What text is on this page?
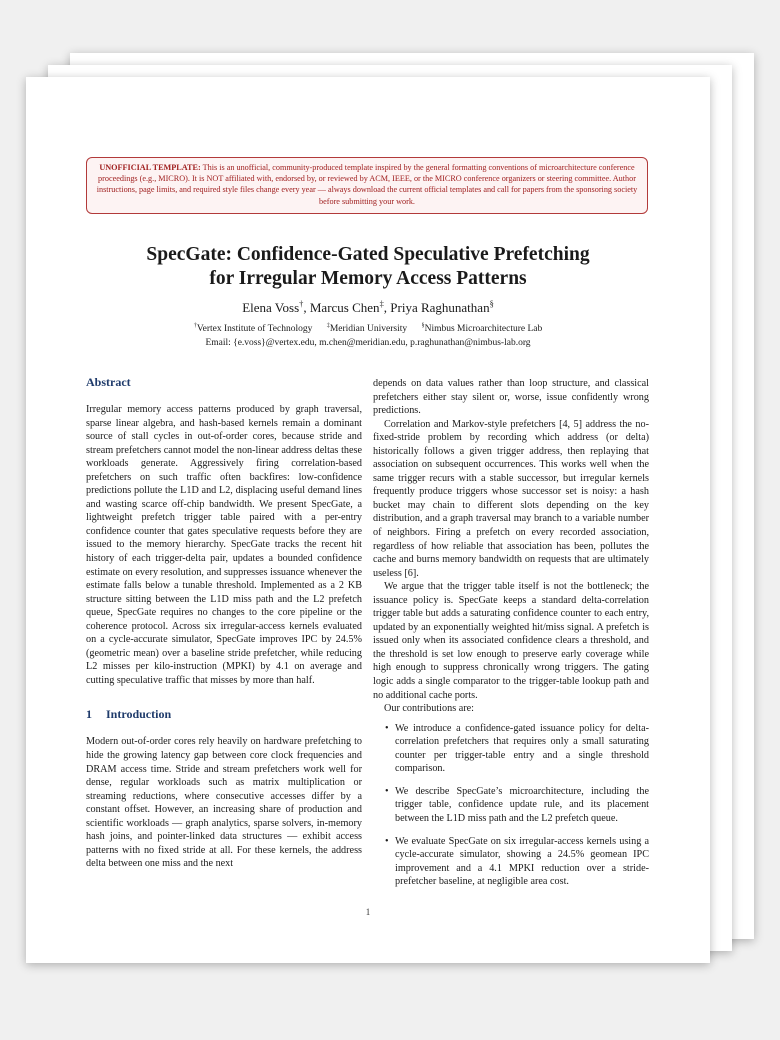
UNOFFICIAL TEMPLATE: This is an unofficial, community-produced template inspired by the general formatting conventions of microarchitecture conference proceedings (e.g., MICRO). It is NOT affiliated with, endorsed by, or reviewed by ACM, IEEE, or the MICRO conference organizers or steering committee. Author instructions, page limits, and required style files change every year — always download the current official templates and call for papers from the sponsoring society before submitting your work.
SpecGate: Confidence-Gated Speculative Prefetching
for Irregular Memory Access Patterns
Elena Voss†, Marcus Chen‡, Priya Raghunathan§
†Vertex Institute of Technology ‡Meridian University §Nimbus Microarchitecture Lab
Email: {e.voss}@vertex.edu, m.chen@meridian.edu, p.raghunathan@nimbus-lab.org
Abstract

Irregular memory access patterns produced by graph traversal, sparse linear algebra, and hash-based kernels remain a dominant source of stall cycles in out-of-order cores, because stride and stream prefetchers cannot model the non-linear address deltas these workloads generate. Aggressively firing correlation-based prefetchers on such traffic often backfires: low-confidence predictions pollute the L1D and L2, displacing useful demand lines and wasting scarce off-chip bandwidth. We present SpecGate, a lightweight prefetch trigger table paired with a per-entry confidence counter that gates speculative requests before they are issued to the memory hierarchy. SpecGate tracks the recent hit history of each trigger-delta pair, updates a bounded confidence estimate on every resolution, and suppresses issuance whenever the estimate falls below a tunable threshold. Implemented as a 2 KB structure sitting between the L1D miss path and the L2 prefetch queue, SpecGate requires no changes to the core pipeline or the coherence protocol. Across six irregular-access kernels evaluated on a cycle-accurate simulator, SpecGate improves IPC by 24.5% (geometric mean) over a baseline stride prefetcher, while reducing L2 misses per kilo-instruction (MPKI) by 4.1 on average and cutting speculative traffic that misses by more than half.

1 Introduction

Modern out-of-order cores rely heavily on hardware prefetching to hide the growing latency gap between core clock frequencies and DRAM access time. Stride and stream prefetchers work well for dense, regular workloads such as matrix multiplication or streaming reductions, where consecutive accesses differ by a constant offset. However, an increasing share of production and scientific workloads — graph analytics, sparse solvers, in-memory hash joins, and pointer-linked data structures — exhibit access patterns with no fixed stride at all. For these kernels, the address delta between one miss and the next

depends on data values rather than loop structure, and classical prefetchers either stay silent or, worse, issue confidently wrong predictions.

Correlation and Markov-style prefetchers [4, 5] address the no-fixed-stride problem by recording which address (or delta) historically follows a given trigger address, then replaying that association on subsequent occurrences. This works well when the same trigger recurs with a stable successor, but irregular kernels frequently produce triggers whose successor set is noisy: a hash bucket may chain to different slots depending on the key distribution, and a graph traversal may branch to a variable number of neighbors. Firing a prefetch on every recorded association, regardless of how reliable that association has been, pollutes the cache and burns memory bandwidth on requests that are ultimately useless [6].

We argue that the trigger table itself is not the bottleneck; the issuance policy is. SpecGate keeps a standard delta-correlation trigger table but adds a saturating confidence counter to each entry, updated by an exponentially weighted hit/miss signal. A prefetch is issued only when its associated confidence clears a threshold, and the threshold is set low enough to preserve early coverage while high enough to suppress chronically wrong triggers. The gating logic adds a single comparator to the trigger-table lookup path and no additional cache ports.

Our contributions are:

• We introduce a confidence-gated issuance policy for delta-correlation prefetchers that requires only a small saturating counter per trigger-table entry and a single threshold comparison.
• We describe SpecGate’s microarchitecture, including the trigger table, confidence update rule, and its placement between the L1D miss path and the L2 prefetch queue.
• We evaluate SpecGate on six irregular-access kernels using a cycle-accurate simulator, showing a 24.5% geomean IPC improvement and a 4.1 MPKI reduction over a stride-prefetcher baseline, at negligible area cost.
1
